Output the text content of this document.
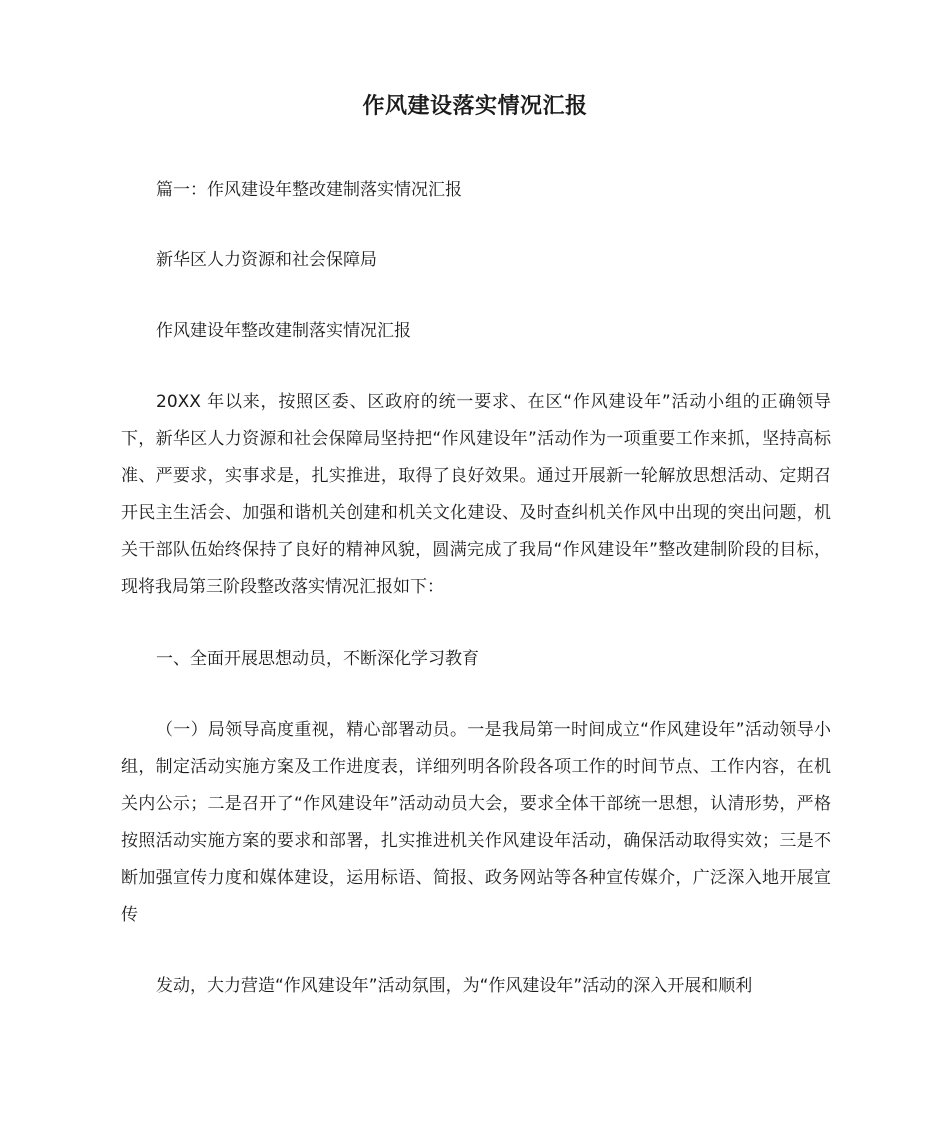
作风建设落实情况汇报
篇一：作风建设年整改建制落实情况汇报
新华区人力资源和社会保障局
作风建设年整改建制落实情况汇报
20XX 年以来，按照区委、区政府的统一要求、在区“作风建设年”活动小组的正确领导下，新华区人力资源和社会保障局坚持把“作风建设年”活动作为一项重要工作来抓，坚持高标准、严要求，实事求是，扎实推进，取得了良好效果。通过开展新一轮解放思想活动、定期召开民主生活会、加强和谐机关创建和机关文化建设、及时查纠机关作风中出现的突出问题，机关干部队伍始终保持了良好的精神风貌，圆满完成了我局“作风建设年”整改建制阶段的目标，现将我局第三阶段整改落实情况汇报如下：
一、全面开展思想动员，不断深化学习教育
（一）局领导高度重视，精心部署动员。一是我局第一时间成立“作风建设年”活动领导小组，制定活动实施方案及工作进度表，详细列明各阶段各项工作的时间节点、工作内容，在机关内公示；二是召开了“作风建设年”活动动员大会，要求全体干部统一思想，认清形势，严格按照活动实施方案的要求和部署，扎实推进机关作风建设年活动，确保活动取得实效；三是不断加强宣传力度和媒体建设，运用标语、简报、政务网站等各种宣传媒介，广泛深入地开展宣传
发动，大力营造“作风建设年”活动氛围，为“作风建设年”活动的深入开展和顺利
